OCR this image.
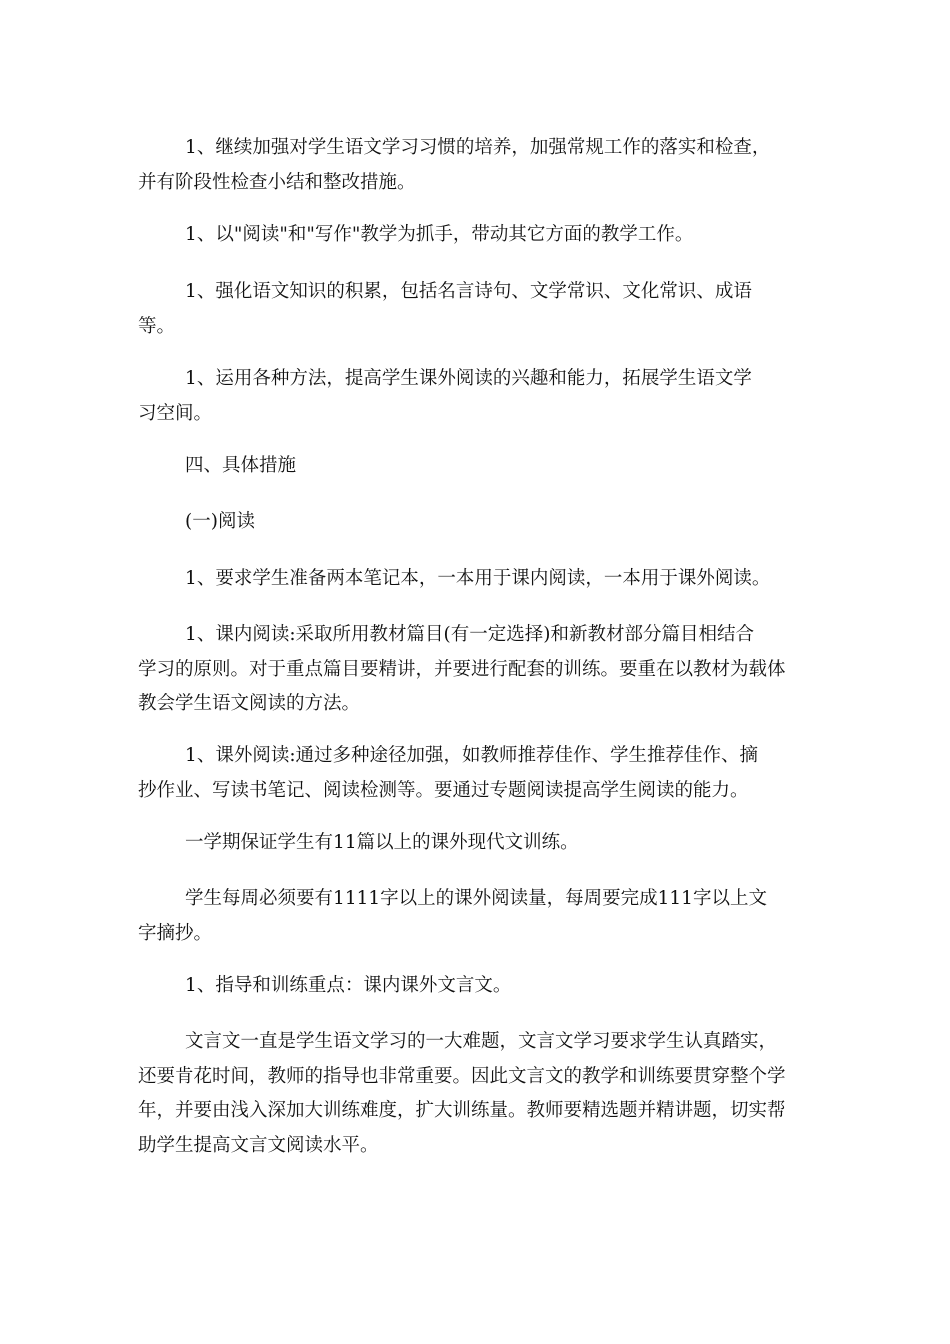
1、继续加强对学生语文学习习惯的培养，加强常规工作的落实和检查，
并有阶段性检查小结和整改措施。

1、以"阅读"和"写作"教学为抓手，带动其它方面的教学工作。

1、强化语文知识的积累，包括名言诗句、文学常识、文化常识、成语
等。

1、运用各种方法，提高学生课外阅读的兴趣和能力，拓展学生语文学
习空间。

四、具体措施

(一)阅读

1、要求学生准备两本笔记本，一本用于课内阅读，一本用于课外阅读。

1、课内阅读:采取所用教材篇目(有一定选择)和新教材部分篇目相结合
学习的原则。对于重点篇目要精讲，并要进行配套的训练。要重在以教材为载体
教会学生语文阅读的方法。

1、课外阅读:通过多种途径加强，如教师推荐佳作、学生推荐佳作、摘
抄作业、写读书笔记、阅读检测等。要通过专题阅读提高学生阅读的能力。

一学期保证学生有11篇以上的课外现代文训练。

学生每周必须要有1111字以上的课外阅读量，每周要完成111字以上文
字摘抄。

1、指导和训练重点：课内课外文言文。

文言文一直是学生语文学习的一大难题，文言文学习要求学生认真踏实，
还要肯花时间，教师的指导也非常重要。因此文言文的教学和训练要贯穿整个学
年，并要由浅入深加大训练难度，扩大训练量。教师要精选题并精讲题，切实帮
助学生提高文言文阅读水平。
